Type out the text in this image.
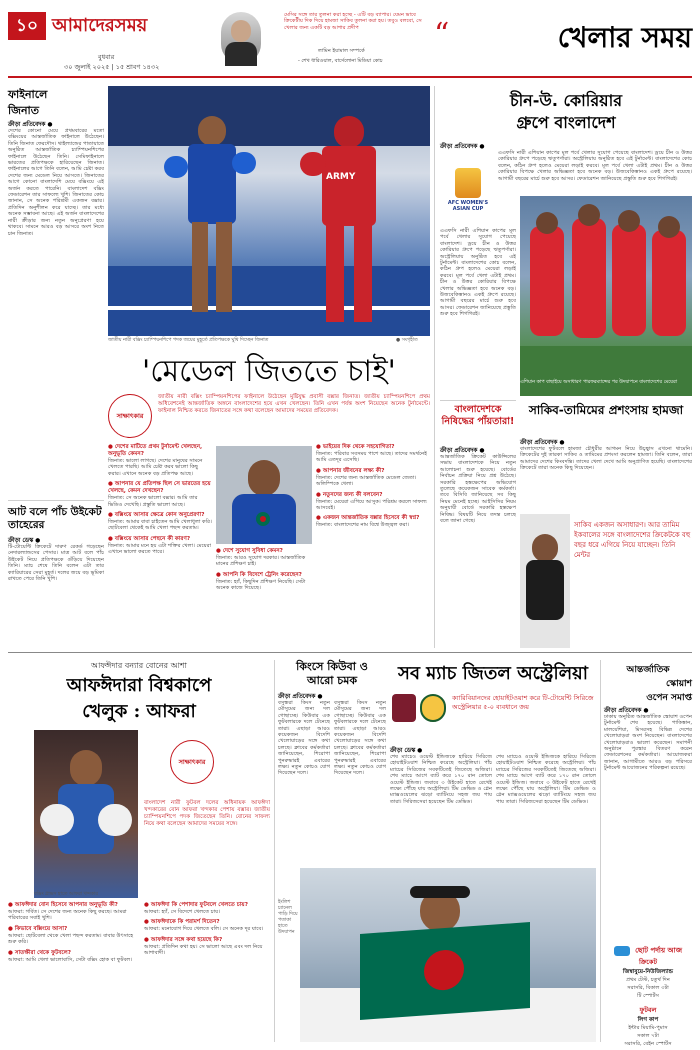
১০ আমাদেরসময়
বুধবার
৩০ জুলাই ২০২৫ | ১৫ শ্রাবণ ১৪৩২
মেসির সঙ্গে তার তুলনা করা হচ্ছে - এটি বড় ব্যাপার। যেমন ভাবে ক্রিকেটীয় দিক দিয়ে হামজা সাকিব তুলনা করা হয়। তবুও বলবো, সে খেলার জন্য একটি বড় আশার প্রদীপ
লামিন ইয়ামাল সম্পর্কে
- শেখ ধারিওয়াল, বার্সেলোনা মিডিয়া কোচ
“	খেলার সময়
ARMY
জাতীয় নারী বক্সিং চ্যাম্পিয়নশিপে পদক জয়ের মুহূর্তে প্রতিপক্ষকে ঘুষি দিচ্ছেন জিনাত	● সংগৃহীত
ফাইনালে
জিনাত
ক্রীড়া প্রতিবেদক ●
দেশের কোনো মেয়ে প্রথমবারের মতো বক্সিংয়ের আন্তর্জাতিক ফাইনালে উঠেছেন। তিনি জিনাত ফেরদৌস। থাইল্যান্ডের পাতায়াতে অনুষ্ঠিত আন্তর্জাতিক চ্যাম্পিয়নশিপের ফাইনালে উঠেছেন তিনি। সেমিফাইনালে ভারতের প্রতিপক্ষকে হারিয়েছেন জিনাত। ফাইনালের আগে তিনি বলেন, আমি চেষ্টা করব দেশের জন্য মেডেল নিয়ে আসতে। জিনাতের আগে কোনো বাংলাদেশি মেয়ে বক্সিংয়ে এই অর্জন করতে পারেনি। বাংলাদেশ বক্সিং ফেডারেশন তার সাফল্যে খুশি। জিনাতের কোচ জানান, সে অনেক পরিশ্রমী একজন বক্সার। প্রতিদিন অনুশীলন করে যাচ্ছে। তার মধ্যে অনেক সম্ভাবনা আছে। এই অর্জন বাংলাদেশের নারী ক্রীড়ার জন্য নতুন অনুপ্রেরণা হয়ে থাকবে। সামনে আরও বড় আসরে অংশ নিতে চান জিনাত।
'মেডেল জিততে চাই'
সাক্ষাৎকার
জাতীয় নারী বক্সিং চ্যাম্পিয়নশিপের ফাইনালে উঠেছেন মুষ্টিযুদ্ধ প্রবাসী বক্সার জিনাত। জাতীয় চ্যাম্পিয়নশিপে প্রথম অধিবেশনেই আন্তর্জাতিক অঙ্গনে বাংলাদেশের হয়ে এখন খেলছেন। তিনি এখন পর্যন্ত অংশ নিয়েছেন অনেক টুর্নামেন্টে। ফাইনাল নিশ্চিত করতে জিনাতের সঙ্গে কথা বলেছেন আমাদের সময়ের প্রতিবেদক।
● দেশের মাটিতে প্রথম টুর্নামেন্ট খেলছেন, অনুভূতি কেমন?
জিনাত: ভালো লাগছে। দেশের মানুষের সামনে খেলতে পারছি। আমি চেষ্টা করব ভালো কিছু করার। এখানে অনেক বড় প্রতিপক্ষ আছে।
● আপনার যে প্রতিপক্ষ ছিল সে ভারতের হয়ে খেলছে, কেমন দেখছেন?
জিনাত: সে অনেক ভালো বক্সার। আমি তার ভিডিও দেখেছি। প্রস্তুতি ভালো আছে।
● বক্সিংয়ে আসার ক্ষেত্রে কোন অনুপ্রেরণা?
জিনাত: আমার বাবা চাইতেন আমি খেলাধুলা করি। ছোটবেলা থেকেই আমি খেলা পছন্দ করতাম।
● বক্সিংয়ে আসার পেছনে কী কারণ?
জিনাত: আমার মনে হয় এটা শক্তির খেলা। মেয়েরা এখানে ভালো করতে পারে।	● দেশে সুযোগ সুবিধা কেমন?
জিনাত: আরও সুযোগ দরকার। আন্তর্জাতিক মানের প্রশিক্ষণ চাই।
● আপনি কি বিদেশে ট্রেনিং করেছেন?
জিনাত: হ্যাঁ, কিছুদিন প্রশিক্ষণ নিয়েছি। সেটা অনেক কাজে দিয়েছে।
● ভাইয়ের দিক থেকে সহযোগিতা?
জিনাত: পরিবার সবসময় পাশে আছে। তাদের সমর্থনেই আমি এতদূর এসেছি।
● আপনার জীবনের লক্ষ্য কী?
জিনাত: দেশের জন্য আন্তর্জাতিক মেডেল জেতা। অলিম্পিকে খেলা।
● নতুনদের জন্য কী বলবেন?
জিনাত: মেয়েরা এগিয়ে আসুক। পরিশ্রম করলে সাফল্য আসবেই।
● একজন আন্তর্জাতিক বক্সার হিসেবে কী স্বপ্ন?
জিনাত: বাংলাদেশের নাম বিশ্বে উজ্জ্বল করা।
আট বলে পাঁচ উইকেট তাহেরের
ক্রীড়া ডেস্ক ●
টি-টোয়েন্টি ক্রিকেটে দারুণ রেকর্ড গড়েছেন নেদারল্যান্ডসের পেসার। মাত্র আট বলে পাঁচ উইকেট নিয়ে প্রতিপক্ষকে গুঁড়িয়ে দিয়েছেন তিনি। ম্যাচ শেষে তিনি বলেন এটা তার ক্যারিয়ারের সেরা মুহূর্ত। দলের জয়ে বড় ভূমিকা রাখতে পেরে তিনি খুশি।
চীন-উ. কোরিয়ার
গ্রুপে বাংলাদেশ
ক্রীড়া প্রতিবেদক ●
AFC WOMEN'S ASIAN CUP
এএফসি নারী এশিয়ান কাপের মূল পর্বে খেলার সুযোগ পেয়েছে বাংলাদেশ। ড্রয়ে চীন ও উত্তর কোরিয়ার গ্রুপে পড়েছে ঋতুপর্ণারা। অস্ট্রেলিয়ায় অনুষ্ঠিত হবে এই টুর্নামেন্ট। বাংলাদেশের কোচ বলেন, কঠিন গ্রুপ হলেও মেয়েরা লড়াই করবে। মূল পর্বে খেলা এটাই প্রথম। চীন ও উত্তর কোরিয়ার বিপক্ষে খেলার অভিজ্ঞতা হবে অনেক বড়। উজবেকিস্তানও একই গ্রুপে রয়েছে। আগামী বছরের মার্চে শুরু হবে আসর। ফেডারেশন জানিয়েছে প্রস্তুতি শুরু হবে শিগগিরই।
এএফসি নারী এশিয়ান কাপের মূল পর্বে খেলার সুযোগ পেয়েছে বাংলাদেশ। ড্রয়ে চীন ও উত্তর কোরিয়ার গ্রুপে পড়েছে ঋতুপর্ণারা। অস্ট্রেলিয়ায় অনুষ্ঠিত হবে এই টুর্নামেন্ট। বাংলাদেশের কোচ বলেন, কঠিন গ্রুপ হলেও মেয়েরা লড়াই করবে। মূল পর্বে খেলা এটাই প্রথম। চীন ও উত্তর কোরিয়ার বিপক্ষে খেলার অভিজ্ঞতা হবে অনেক বড়। উজবেকিস্তানও একই গ্রুপে রয়েছে। আগামী বছরের মার্চে শুরু হবে আসর। ফেডারেশন জানিয়েছে প্রস্তুতি শুরু হবে শিগগিরই।
এশিয়ান কাপ বাছাইয়ে অসাধারণ পারফরম্যান্সের পর উদযাপনে বাংলাদেশের মেয়েরা
বাংলাদেশকে নিষিদ্ধের পাঁয়তারা!
ক্রীড়া প্রতিবেদক ●
আন্তর্জাতিক ক্রিকেট কাউন্সিলের সভায় বাংলাদেশকে নিয়ে নতুন আলোচনা শুরু হয়েছে। বোর্ডের নির্বাচন প্রক্রিয়া নিয়ে প্রশ্ন উঠেছে। সরকারি হস্তক্ষেপের অভিযোগ তুলেছে কয়েকজন সাবেক কর্মকর্তা। তবে বিসিবি জানিয়েছে সব কিছু নিয়ম মেনেই হচ্ছে। আইসিসির নিয়ম অনুযায়ী বোর্ডে সরকারি হস্তক্ষেপ নিষিদ্ধ। বিষয়টি নিয়ে তদন্ত চলছে বলে জানা গেছে।
সাকিব-তামিমের প্রশংসায় হামজা
ক্রীড়া প্রতিবেদক ●
বাংলাদেশের ফুটবলে হামজা চৌধুরীর আগমন নিয়ে উচ্ছ্বাস এখনো থামেনি। ক্রিকেটের দুই তারকা সাকিব ও তামিমের প্রশংসা করলেন হামজা। তিনি বলেন, তারা আমাদের দেশের কিংবদন্তি। তাদের খেলা দেখে আমি অনুপ্রাণিত হয়েছি। বাংলাদেশের ক্রিকেটে তারা অনেক কিছু দিয়েছেন।
সাকিব একজন অসাধারণ। আর তামিম ইকবালের সঙ্গে বাংলাদেশের ক্রিকেটকে বহু বছর ধরে এগিয়ে নিয়ে যাচ্ছেন। তিনি মেন্টর
আফঈদার বন্যার বোনের আশা
আফঈদারা বিশ্বকাপে
খেলুক : আফরা
বক্সিং গ্লাভস হাতে আফরা খন্দকার
সাক্ষাৎকার
বাংলাদেশ নারী ফুটবল দলের অধিনায়ক আফঈদা খন্দকারের বোন আফরা খন্দকার পেশায় বক্সার। জাতীয় চ্যাম্পিয়নশিপে পদক জিতেছেন তিনি। বোনের সাফল্য নিয়ে কথা বলেছেন আমাদের সময়ের সঙ্গে।
● আফঈদার বোন হিসেবে আপনার অনুভূতি কী?
আফরা: গর্বিত। সে দেশের জন্য অনেক কিছু করছে। আমরা পরিবারের সবাই খুশি।
● কিভাবে বক্সিংয়ে আসা?
আফরা: ছোটবেলা থেকে খেলা পছন্দ করতাম। বাবার উৎসাহে শুরু করি।
● সাতক্ষীরা থেকে ফুটবলে?
আফরা: আমি খেলা ভালোবাসি, সেটা বক্সিং হোক বা ফুটবল।
● আফঈদা কি পেশাদার ফুটবলে খেলতে চায়?
আফরা: হ্যাঁ, সে বিদেশে খেলতে চায়।
● আফঈদাকে কি পরামর্শ দিতেন?
আফরা: মনোযোগ দিয়ে খেলতে বলি। সে অনেক দূর যাবে।
● আফঈদার সঙ্গে কথা হয়েছে কি?
আফরা: প্রতিদিন কথা হয়। সে ভালো আছে এবং দল নিয়ে আশাবাদী।
কিংসে কিউবা ও
আরো চমক
ক্রীড়া প্রতিবেদক ●
বসুন্ধরা কিংস নতুন মৌসুমের জন্য দল গোছাচ্ছে। কিউবার এক ফুটবলারকে দলে টেনেছে তারা। এছাড়া আরও কয়েকজন বিদেশি খেলোয়াড়ের সঙ্গে কথা চলছে। ক্লাবের কর্মকর্তারা জানিয়েছেন, শিরোপা পুনরুদ্ধারই এবারের লক্ষ্য। নতুন কোচও যোগ দিয়েছেন দলে।
বসুন্ধরা কিংস নতুন মৌসুমের জন্য দল গোছাচ্ছে। কিউবার এক ফুটবলারকে দলে টেনেছে তারা। এছাড়া আরও কয়েকজন বিদেশি খেলোয়াড়ের সঙ্গে কথা চলছে। ক্লাবের কর্মকর্তারা জানিয়েছেন, শিরোপা পুনরুদ্ধারই এবারের লক্ষ্য। নতুন কোচও যোগ দিয়েছেন দলে।
সব ম্যাচ জিতল অস্ট্রেলিয়া
ক্যারিবিয়ানদের হোয়াইটওয়াশ করে টি-টোয়েন্টি সিরিজে অস্ট্রেলিয়ার ৫-০ ব্যবধানে জয়
ক্রীড়া ডেস্ক ●
শেষ ম্যাচেও ওয়েস্ট ইন্ডিজকে হারিয়ে সিরিজে হোয়াইটওয়াশ নিশ্চিত করেছে অস্ট্রেলিয়া। পাঁচ ম্যাচের সিরিজের সবকটিতেই জিতেছে অজিরা। শেষ ম্যাচে আগে ব্যাট করে ১৭০ রান তোলে ওয়েস্ট ইন্ডিজ। জবাবে ৩ উইকেট হাতে রেখেই লক্ষ্যে পৌঁছে যায় অস্ট্রেলিয়া। টিম ডেভিড ও গ্লেন ম্যাক্সওয়েলের ঝড়ো ব্যাটিংয়ে সহজ জয় পায় তারা। সিরিজসেরা হয়েছেন টিম ডেভিড।
শেষ ম্যাচেও ওয়েস্ট ইন্ডিজকে হারিয়ে সিরিজে হোয়াইটওয়াশ নিশ্চিত করেছে অস্ট্রেলিয়া। পাঁচ ম্যাচের সিরিজের সবকটিতেই জিতেছে অজিরা। শেষ ম্যাচে আগে ব্যাট করে ১৭০ রান তোলে ওয়েস্ট ইন্ডিজ। জবাবে ৩ উইকেট হাতে রেখেই লক্ষ্যে পৌঁছে যায় অস্ট্রেলিয়া। টিম ডেভিড ও গ্লেন ম্যাক্সওয়েলের ঝড়ো ব্যাটিংয়ে সহজ জয় পায় তারা। সিরিজসেরা হয়েছেন টিম ডেভিড।
ইংলিশ চ্যানেল পাড়ি দিয়ে পতাকা হাতে উদযাপন
আন্তর্জাতিক
স্কোয়াশ
ওপেন সমাপ্ত
ক্রীড়া প্রতিবেদক ●
ঢাকায় অনুষ্ঠিত আন্তর্জাতিক স্কোয়াশ ওপেন টুর্নামেন্ট শেষ হয়েছে। পাকিস্তান, মালয়েশিয়া, মিসরসহ বিভিন্ন দেশের খেলোয়াড়রা অংশ নিয়েছেন। বাংলাদেশের খেলোয়াড়রাও ভালো করেছেন। সমাপনী অনুষ্ঠানে পুরস্কার বিতরণ করেন ফেডারেশনের কর্মকর্তারা। আয়োজকরা জানান, আগামীতে আরও বড় পরিসরে টুর্নামেন্ট আয়োজনের পরিকল্পনা রয়েছে।
ছোট পর্দায় আজ
ক্রিকেট
জিম্বাবুয়ে-নিউজিল্যান্ড
প্রথম টেস্ট, চতুর্থ দিন
সরাসরি, বিকাল ৩টা
টি স্পোর্টস
ফুটবল
লিগ কাপ
ইন্টার মিয়ামি-পুমাস
সকাল ৭টা
সরাসরি, বেইন স্পোর্টস
